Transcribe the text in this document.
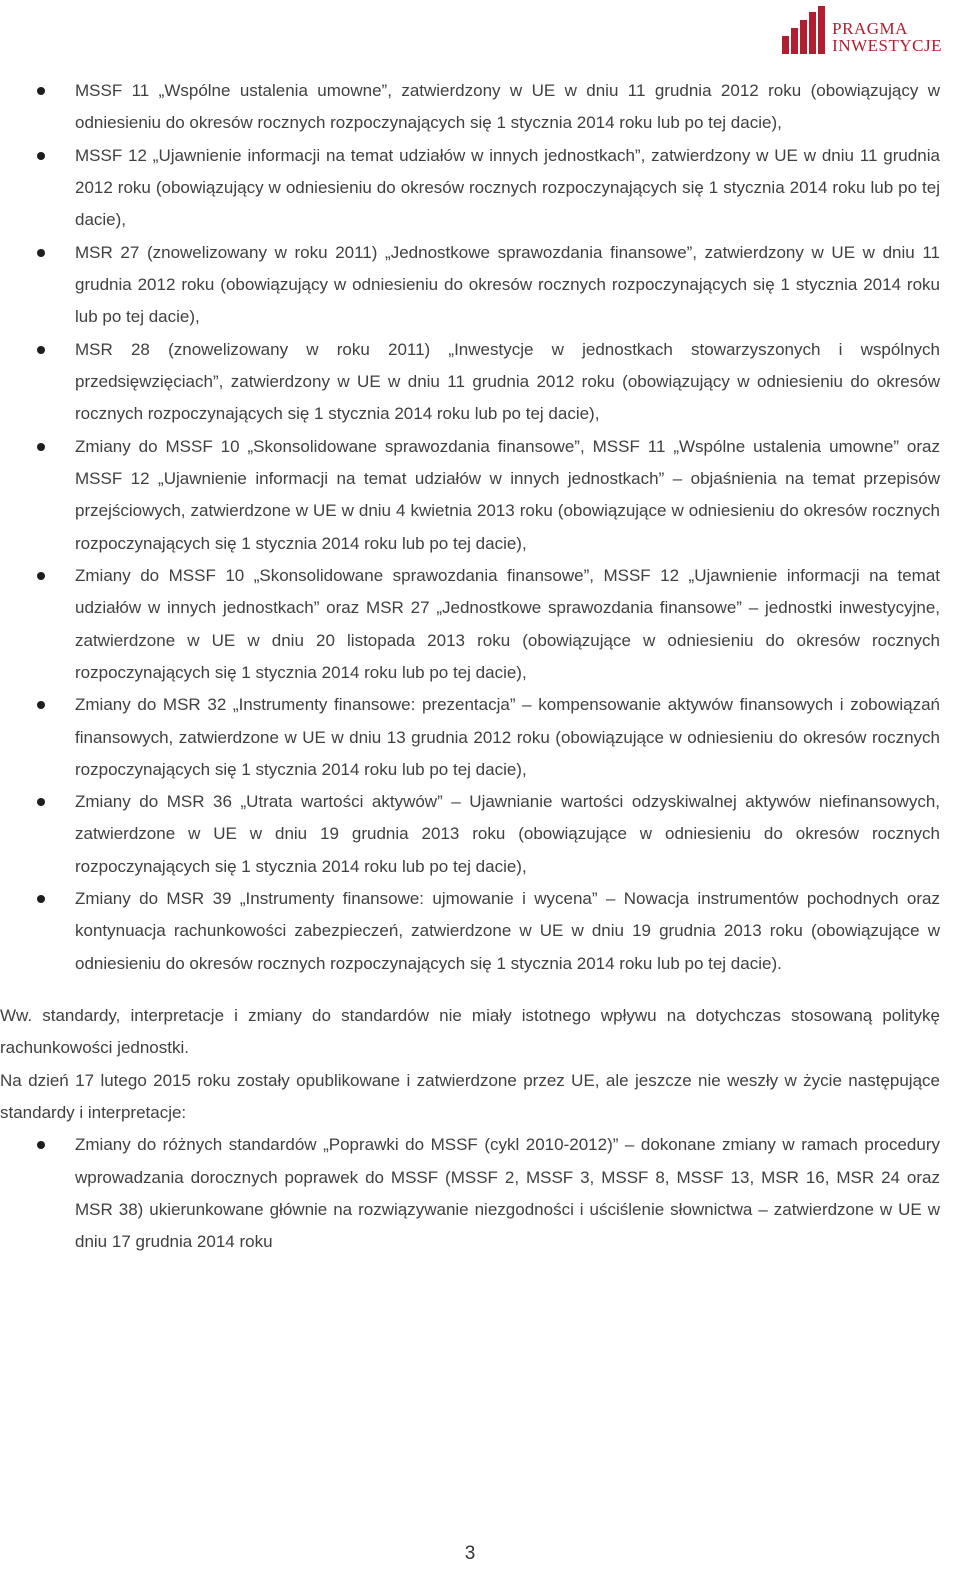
PRAGMA
INWESTYCJE
MSSF 11 „Wspólne ustalenia umowne”, zatwierdzony w UE w dniu 11 grudnia 2012 roku (obowiązujący w odniesieniu do okresów rocznych rozpoczynających się 1 stycznia 2014 roku lub po tej dacie),
MSSF 12 „Ujawnienie informacji na temat udziałów w innych jednostkach”, zatwierdzony w UE w dniu 11 grudnia 2012 roku (obowiązujący w odniesieniu do okresów rocznych rozpoczynających się 1 stycznia 2014 roku lub po tej dacie),
MSR 27 (znowelizowany w roku 2011) „Jednostkowe sprawozdania finansowe”, zatwierdzony w UE w dniu 11 grudnia 2012 roku (obowiązujący w odniesieniu do okresów rocznych rozpoczynających się 1 stycznia 2014 roku lub po tej dacie),
MSR 28 (znowelizowany w roku 2011) „Inwestycje w jednostkach stowarzyszonych i wspólnych przedsięwzięciach”, zatwierdzony w UE w dniu 11 grudnia 2012 roku (obowiązujący w odniesieniu do okresów rocznych rozpoczynających się 1 stycznia 2014 roku lub po tej dacie),
Zmiany do MSSF 10 „Skonsolidowane sprawozdania finansowe”, MSSF 11 „Wspólne ustalenia umowne” oraz MSSF 12 „Ujawnienie informacji na temat udziałów w innych jednostkach” – objaśnienia na temat przepisów przejściowych, zatwierdzone w UE w dniu 4 kwietnia 2013 roku (obowiązujące w odniesieniu do okresów rocznych rozpoczynających się 1 stycznia 2014 roku lub po tej dacie),
Zmiany do MSSF 10 „Skonsolidowane sprawozdania finansowe”, MSSF 12 „Ujawnienie informacji na temat udziałów w innych jednostkach” oraz MSR 27 „Jednostkowe sprawozdania finansowe” – jednostki inwestycyjne, zatwierdzone w UE w dniu 20 listopada 2013 roku (obowiązujące w odniesieniu do okresów rocznych rozpoczynających się 1 stycznia 2014 roku lub po tej dacie),
Zmiany do MSR 32 „Instrumenty finansowe: prezentacja” – kompensowanie aktywów finansowych i zobowiązań finansowych, zatwierdzone w UE w dniu 13 grudnia 2012 roku (obowiązujące w odniesieniu do okresów rocznych rozpoczynających się 1 stycznia 2014 roku lub po tej dacie),
Zmiany do MSR 36 „Utrata wartości aktywów” – Ujawnianie wartości odzyskiwalnej aktywów niefinansowych, zatwierdzone w UE w dniu 19 grudnia 2013 roku (obowiązujące w odniesieniu do okresów rocznych rozpoczynających się 1 stycznia 2014 roku lub po tej dacie),
Zmiany do MSR 39 „Instrumenty finansowe: ujmowanie i wycena” – Nowacja instrumentów pochodnych oraz kontynuacja rachunkowości zabezpieczeń, zatwierdzone w UE w dniu 19 grudnia 2013 roku (obowiązujące w odniesieniu do okresów rocznych rozpoczynających się 1 stycznia 2014 roku lub po tej dacie).

Ww. standardy, interpretacje i zmiany do standardów nie miały istotnego wpływu na dotychczas stosowaną politykę rachunkowości jednostki.

Na dzień 17 lutego 2015 roku zostały opublikowane i zatwierdzone przez UE, ale jeszcze nie weszły w życie następujące standardy i interpretacje:

Zmiany do różnych standardów „Poprawki do MSSF (cykl 2010-2012)” – dokonane zmiany w ramach procedury wprowadzania dorocznych poprawek do MSSF (MSSF 2, MSSF 3, MSSF 8, MSSF 13, MSR 16, MSR 24 oraz MSR 38) ukierunkowane głównie na rozwiązywanie niezgodności i uściślenie słownictwa – zatwierdzone w UE w dniu 17 grudnia 2014 roku
3
